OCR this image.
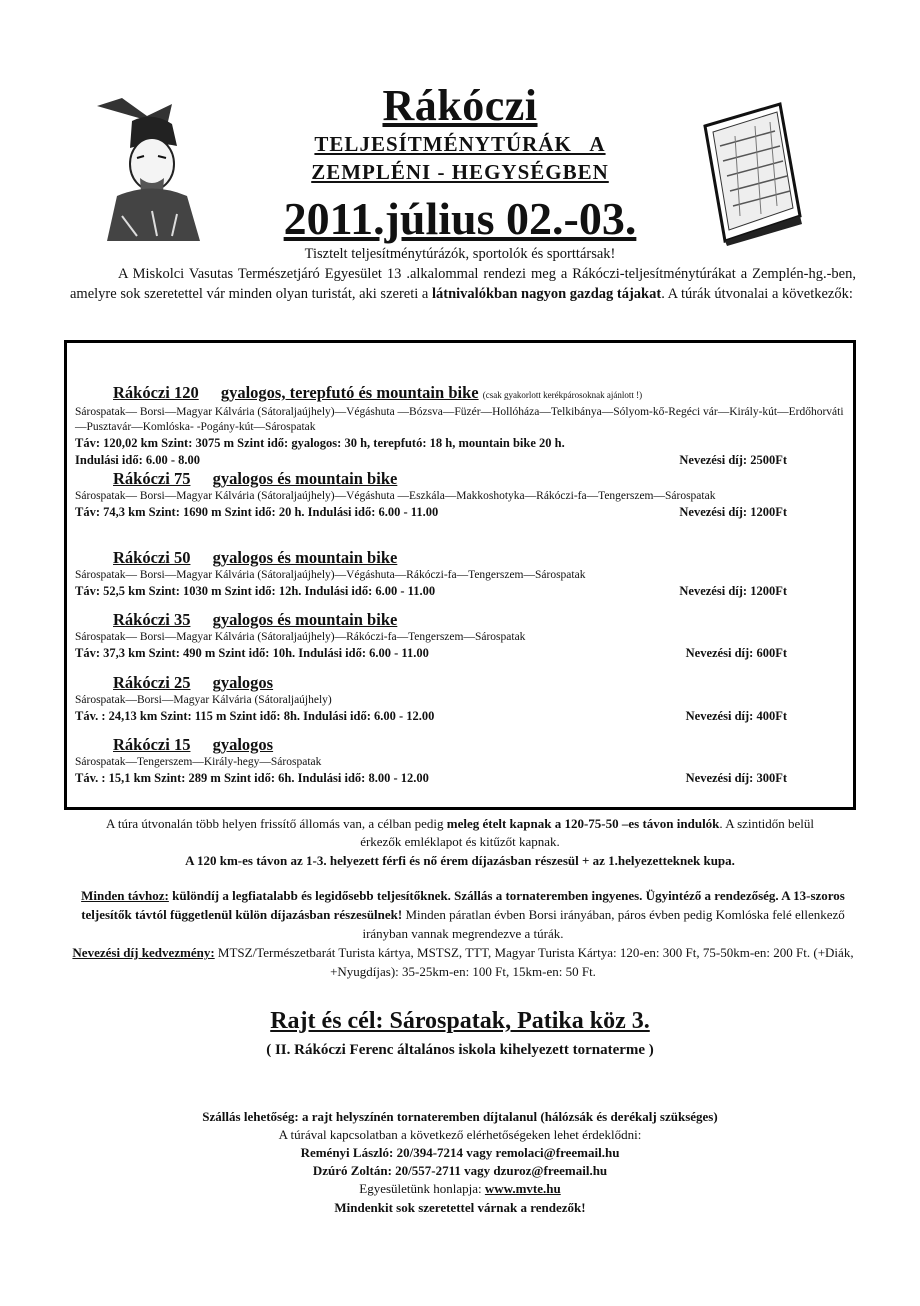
Rákóczi
TELJESÍTMÉNYTÚRÁK   A
ZEMPLÉNI - HEGYSÉGBEN
2011.július 02.-03.
Tisztelt teljesítménytúrázók, sportolók és sporttársak!
A Miskolci Vasutas Természetjáró Egyesület 13 .alkalommal rendezi meg a Rákóczi-teljesítménytúrákat a Zemplén-hg.-ben, amelyre sok szeretettel vár minden olyan turistát, aki szereti a látnivalókban nagyon gazdag tájakat. A túrák útvonalai a következők:
Rákóczi 120 gyalogos, terepfutó és mountain bike (csak gyakorlott kerékpárosoknak ajánlott !)
Sárospatak— Borsi—Magyar Kálvária (Sátoraljaújhely)—Végáshuta —Bózsva—Füzér—Hollóháza—Telkibánya—Sólyom-kő-Regéci vár—Király-kút—Erdőhorváti—Pusztavár—Komlóska- -Pogány-kút—Sárospatak
Táv: 120,02 km Szint: 3075 m Szint idő: gyalogos: 30 h, terepfutó: 18 h, mountain bike 20 h.
Indulási idő: 6.00 - 8.00	Nevezési díj: 2500Ft
Rákóczi 75 gyalogos és mountain bike
Sárospatak— Borsi—Magyar Kálvária (Sátoraljaújhely)—Végáshuta —Eszkála—Makkoshotyka—Rákóczi-fa—Tengerszem—Sárospatak
Táv: 74,3 km Szint: 1690 m Szint idő: 20 h. Indulási idő: 6.00 - 11.00	Nevezési díj: 1200Ft
Rákóczi 50 gyalogos és mountain bike
Sárospatak— Borsi—Magyar Kálvária (Sátoraljaújhely)—Végáshuta—Rákóczi-fa—Tengerszem—Sárospatak
Táv: 52,5 km Szint: 1030 m Szint idő: 12h. Indulási idő: 6.00 - 11.00	Nevezési díj: 1200Ft
Rákóczi 35 gyalogos és mountain bike
Sárospatak— Borsi—Magyar Kálvária (Sátoraljaújhely)—Rákóczi-fa—Tengerszem—Sárospatak
Táv: 37,3 km Szint: 490 m Szint idő: 10h. Indulási idő: 6.00 - 11.00	Nevezési díj: 600Ft
Rákóczi 25 gyalogos
Sárospatak—Borsi—Magyar Kálvária (Sátoraljaújhely)
Táv. : 24,13 km Szint: 115 m Szint idő: 8h. Indulási idő: 6.00 - 12.00	Nevezési díj: 400Ft
Rákóczi 15 gyalogos
Sárospatak—Tengerszem—Király-hegy—Sárospatak
Táv. : 15,1 km Szint: 289 m Szint idő: 6h. Indulási idő: 8.00 - 12.00	Nevezési díj: 300Ft
A túra útvonalán több helyen frissítő állomás van, a célban pedig meleg ételt kapnak a 120-75-50 –es távon indulók. A szintidőn belül érkezők emléklapot és kitűzőt kapnak.
A 120 km-es távon az 1-3. helyezett férfi és nő érem díjazásban részesül + az 1.helyezetteknek kupa.
Minden távhoz: különdíj a legfiatalabb és legidősebb teljesítőknek. Szállás a tornateremben ingyenes. Ügyintéző a rendezőség. A 13-szoros teljesítők távtól függetlenül külön díjazásban részesülnek! Minden páratlan évben Borsi irányában, páros évben pedig Komlóska felé ellenkező irányban vannak megrendezve a túrák.
Nevezési díj kedvezmény: MTSZ/Természetbarát Turista kártya, MSTSZ, TTT, Magyar Turista Kártya: 120-en: 300 Ft, 75-50km-en: 200 Ft. (+Diák, +Nyugdíjas): 35-25km-en: 100 Ft, 15km-en: 50 Ft.
Rajt és cél: Sárospatak, Patika köz 3.
( II. Rákóczi Ferenc általános iskola kihelyezett tornaterme )
Szállás lehetőség: a rajt helyszínén tornateremben díjtalanul (hálózsák és derékalj szükséges)
A túrával kapcsolatban a következő elérhetőségeken lehet érdeklődni:
Reményi László: 20/394-7214 vagy remolaci@freemail.hu
Dzúró Zoltán: 20/557-2711 vagy dzuroz@freemail.hu
Egyesületünk honlapja: www.mvte.hu
Mindenkit sok szeretettel várnak a rendezők!
